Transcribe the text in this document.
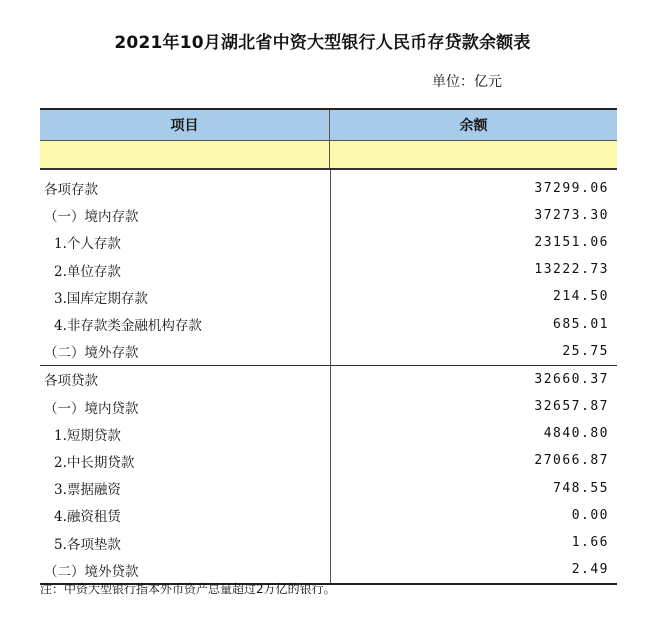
2021年10月湖北省中资大型银行人民币存贷款余额表
单位：亿元
项目	余额
各项存款	37299.06
（一）境内存款	37273.30
1.个人存款	23151.06
2.单位存款	13222.73
3.国库定期存款	214.50
4.非存款类金融机构存款	685.01
（二）境外存款	25.75
各项贷款	32660.37
（一）境内贷款	32657.87
1.短期贷款	4840.80
2.中长期贷款	27066.87
3.票据融资	748.55
4.融资租赁	0.00
5.各项垫款	1.66
（二）境外贷款	2.49
注：中资大型银行指本外币资产总量超过2万亿的银行。
